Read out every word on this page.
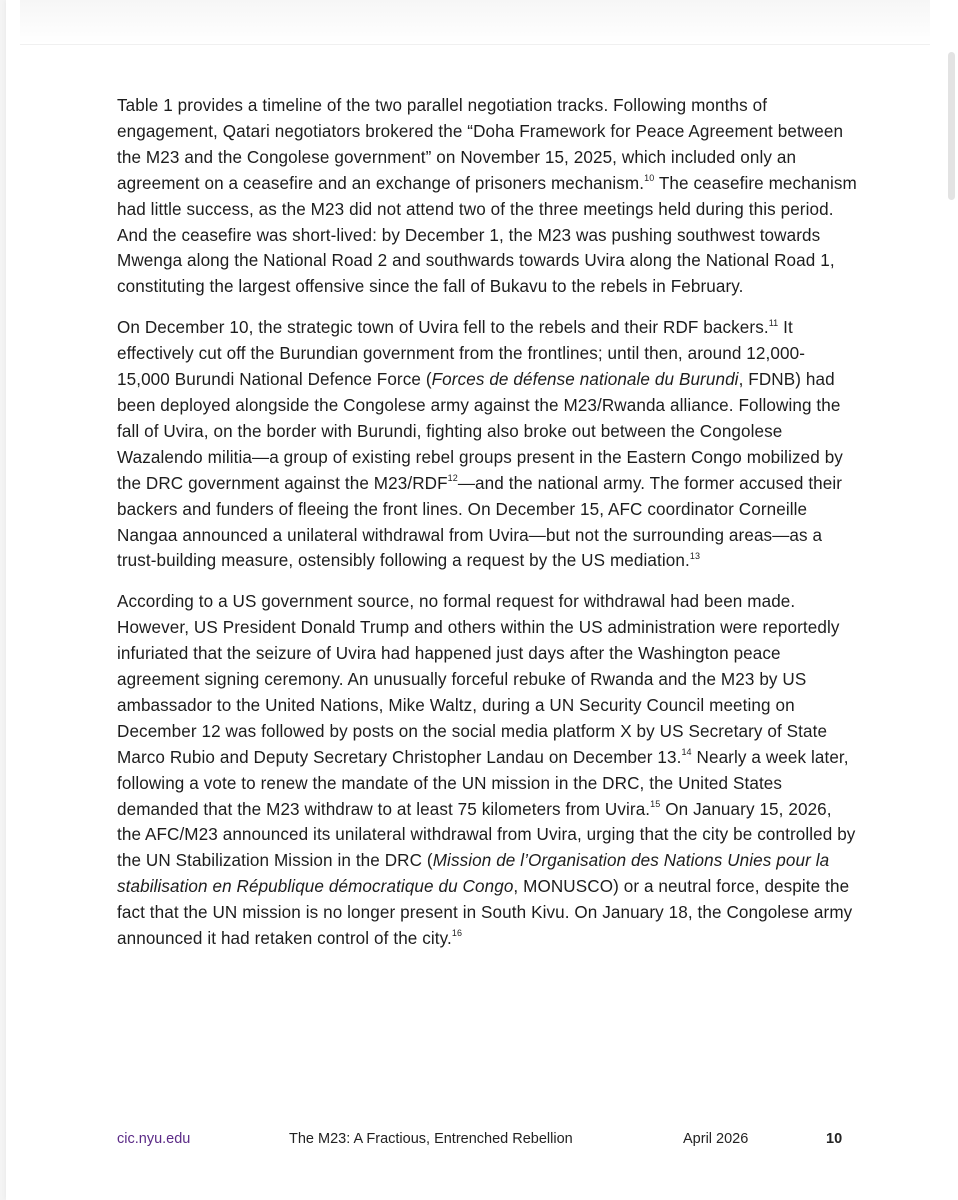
Table 1 provides a timeline of the two parallel negotiation tracks. Following months of engagement, Qatari negotiators brokered the “Doha Framework for Peace Agreement between the M23 and the Congolese government” on November 15, 2025, which included only an agreement on a ceasefire and an exchange of prisoners mechanism.$^{10}$ The ceasefire mechanism had little success, as the M23 did not attend two of the three meetings held during this period. And the ceasefire was short-lived: by December 1, the M23 was pushing southwest towards Mwenga along the National Road 2 and southwards towards Uvira along the National Road 1, constituting the largest offensive since the fall of Bukavu to the rebels in February.

On December 10, the strategic town of Uvira fell to the rebels and their RDF backers.$^{11}$ It effectively cut off the Burundian government from the frontlines; until then, around 12,000-15,000 Burundi National Defence Force (Forces de défense nationale du Burundi, FDNB) had been deployed alongside the Congolese army against the M23/Rwanda alliance. Following the fall of Uvira, on the border with Burundi, fighting also broke out between the Congolese Wazalendo militia—a group of existing rebel groups present in the Eastern Congo mobilized by the DRC government against the M23/RDF$^{12}$—and the national army. The former accused their backers and funders of fleeing the front lines. On December 15, AFC coordinator Corneille Nangaa announced a unilateral withdrawal from Uvira—but not the surrounding areas—as a trust-building measure, ostensibly following a request by the US mediation.$^{13}$

According to a US government source, no formal request for withdrawal had been made. However, US President Donald Trump and others within the US administration were reportedly infuriated that the seizure of Uvira had happened just days after the Washington peace agreement signing ceremony. An unusually forceful rebuke of Rwanda and the M23 by US ambassador to the United Nations, Mike Waltz, during a UN Security Council meeting on December 12 was followed by posts on the social media platform X by US Secretary of State Marco Rubio and Deputy Secretary Christopher Landau on December 13.14 Nearly a week later, following a vote to renew the mandate of the UN mission in the DRC, the United States demanded that the M23 withdraw to at least 75 kilometers from Uvira.$^{15}$ On January 15, 2026, the AFC/M23 announced its unilateral withdrawal from Uvira, urging that the city be controlled by the UN Stabilization Mission in the DRC (Mission de l’Organisation des Nations Unies pour la stabilisation en République démocratique du Congo, MONUSCO) or a neutral force, despite the fact that the UN mission is no longer present in South Kivu. On January 18, the Congolese army announced it had retaken control of the city.$^{16}$

cic.nyu.edu	The M23: A Fractious, Entrenched Rebellion	April 2026	10
